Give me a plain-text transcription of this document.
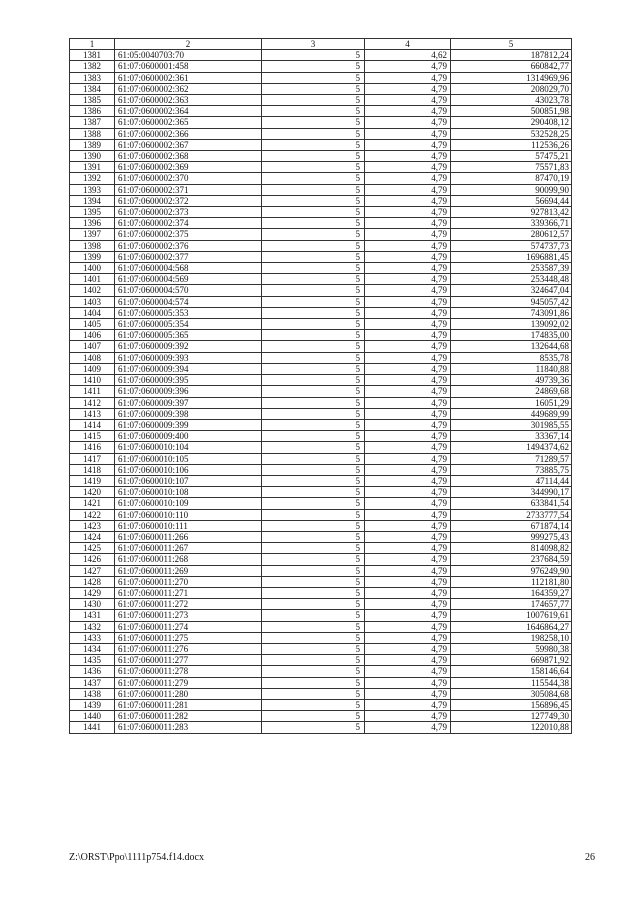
1	2	3	4	5
1381	61:05:0040703:70	5	4,62	187812,24
1382	61:07:0600001:458	5	4,79	660842,77
1383	61:07:0600002:361	5	4,79	1314969,96
1384	61:07:0600002:362	5	4,79	208029,70
1385	61:07:0600002:363	5	4,79	43023,78
1386	61:07:0600002:364	5	4,79	500851,98
1387	61:07:0600002:365	5	4,79	290408,12
1388	61:07:0600002:366	5	4,79	532528,25
1389	61:07:0600002:367	5	4,79	112536,26
1390	61:07:0600002:368	5	4,79	57475,21
1391	61:07:0600002:369	5	4,79	75571,83
1392	61:07:0600002:370	5	4,79	87470,19
1393	61:07:0600002:371	5	4,79	90099,90
1394	61:07:0600002:372	5	4,79	56694,44
1395	61:07:0600002:373	5	4,79	927813,42
1396	61:07:0600002:374	5	4,79	339366,71
1397	61:07:0600002:375	5	4,79	280612,57
1398	61:07:0600002:376	5	4,79	574737,73
1399	61:07:0600002:377	5	4,79	1696881,45
1400	61:07:0600004:568	5	4,79	253587,39
1401	61:07:0600004:569	5	4,79	253448,48
1402	61:07:0600004:570	5	4,79	324647,04
1403	61:07:0600004:574	5	4,79	945057,42
1404	61:07:0600005:353	5	4,79	743091,86
1405	61:07:0600005:354	5	4,79	139092,02
1406	61:07:0600005:365	5	4,79	174835,00
1407	61:07:0600009:392	5	4,79	132644,68
1408	61:07:0600009:393	5	4,79	8535,78
1409	61:07:0600009:394	5	4,79	11840,88
1410	61:07:0600009:395	5	4,79	49739,36
1411	61:07:0600009:396	5	4,79	24869,68
1412	61:07:0600009:397	5	4,79	16051,29
1413	61:07:0600009:398	5	4,79	449689,99
1414	61:07:0600009:399	5	4,79	301985,55
1415	61:07:0600009:400	5	4,79	33367,14
1416	61:07:0600010:104	5	4,79	1494374,62
1417	61:07:0600010:105	5	4,79	71289,57
1418	61:07:0600010:106	5	4,79	73885,75
1419	61:07:0600010:107	5	4,79	47114,44
1420	61:07:0600010:108	5	4,79	344990,17
1421	61:07:0600010:109	5	4,79	633841,54
1422	61:07:0600010:110	5	4,79	2733777,54
1423	61:07:0600010:111	5	4,79	671874,14
1424	61:07:0600011:266	5	4,79	999275,43
1425	61:07:0600011:267	5	4,79	814098,82
1426	61:07:0600011:268	5	4,79	237684,59
1427	61:07:0600011:269	5	4,79	976249,90
1428	61:07:0600011:270	5	4,79	112181,80
1429	61:07:0600011:271	5	4,79	164359,27
1430	61:07:0600011:272	5	4,79	174657,77
1431	61:07:0600011:273	5	4,79	1007619,61
1432	61:07:0600011:274	5	4,79	1646864,27
1433	61:07:0600011:275	5	4,79	198258,10
1434	61:07:0600011:276	5	4,79	59980,38
1435	61:07:0600011:277	5	4,79	669871,92
1436	61:07:0600011:278	5	4,79	158146,64
1437	61:07:0600011:279	5	4,79	115544,38
1438	61:07:0600011:280	5	4,79	305084,68
1439	61:07:0600011:281	5	4,79	156896,45
1440	61:07:0600011:282	5	4,79	127749,30
1441	61:07:0600011:283	5	4,79	122010,88
Z:\ORST\Ppo\1111p754.f14.docx	26
